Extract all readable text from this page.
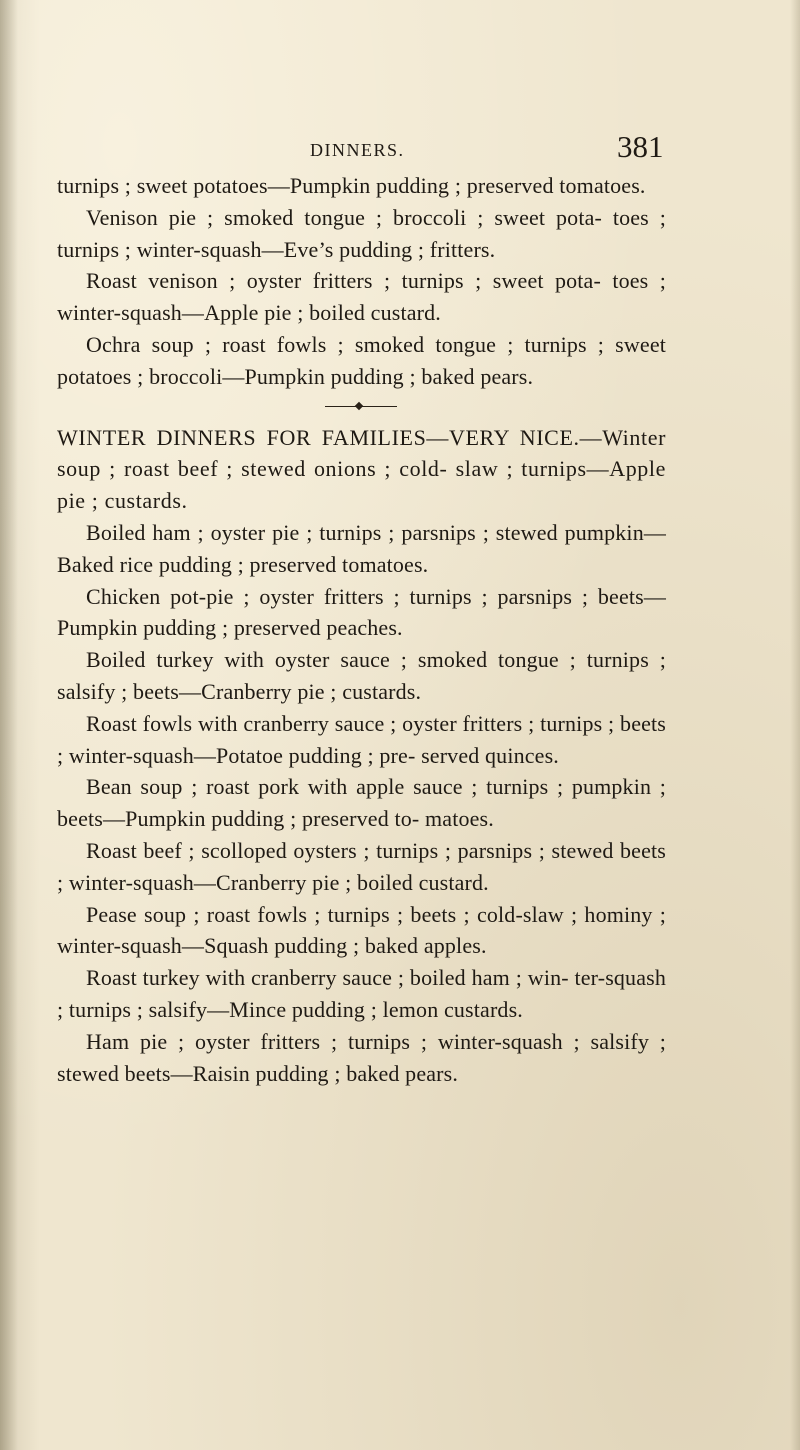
DINNERS.	381

turnips ; sweet potatoes—Pumpkin pudding ; preserved tomatoes.

Venison pie ; smoked tongue ; broccoli ; sweet pota- toes ; turnips ; winter-squash—Eve’s pudding ; fritters.

Roast venison ; oyster fritters ; turnips ; sweet pota- toes ; winter-squash—Apple pie ; boiled custard.

Ochra soup ; roast fowls ; smoked tongue ; turnips ; sweet potatoes ; broccoli—Pumpkin pudding ; baked pears.

WINTER DINNERS FOR FAMILIES—VERY NICE.—Winter soup ; roast beef ; stewed onions ; cold- slaw ; turnips—Apple pie ; custards.

Boiled ham ; oyster pie ; turnips ; parsnips ; stewed pumpkin—Baked rice pudding ; preserved tomatoes.

Chicken pot-pie ; oyster fritters ; turnips ; parsnips ; beets—Pumpkin pudding ; preserved peaches.

Boiled turkey with oyster sauce ; smoked tongue ; turnips ; salsify ; beets—Cranberry pie ; custards.

Roast fowls with cranberry sauce ; oyster fritters ; turnips ; beets ; winter-squash—Potatoe pudding ; pre- served quinces.

Bean soup ; roast pork with apple sauce ; turnips ; pumpkin ; beets—Pumpkin pudding ; preserved to- matoes.

Roast beef ; scolloped oysters ; turnips ; parsnips ; stewed beets ; winter-squash—Cranberry pie ; boiled custard.

Pease soup ; roast fowls ; turnips ; beets ; cold-slaw ; hominy ; winter-squash—Squash pudding ; baked apples.

Roast turkey with cranberry sauce ; boiled ham ; win- ter-squash ; turnips ; salsify—Mince pudding ; lemon custards.

Ham pie ; oyster fritters ; turnips ; winter-squash ; salsify ; stewed beets—Raisin pudding ; baked pears.
